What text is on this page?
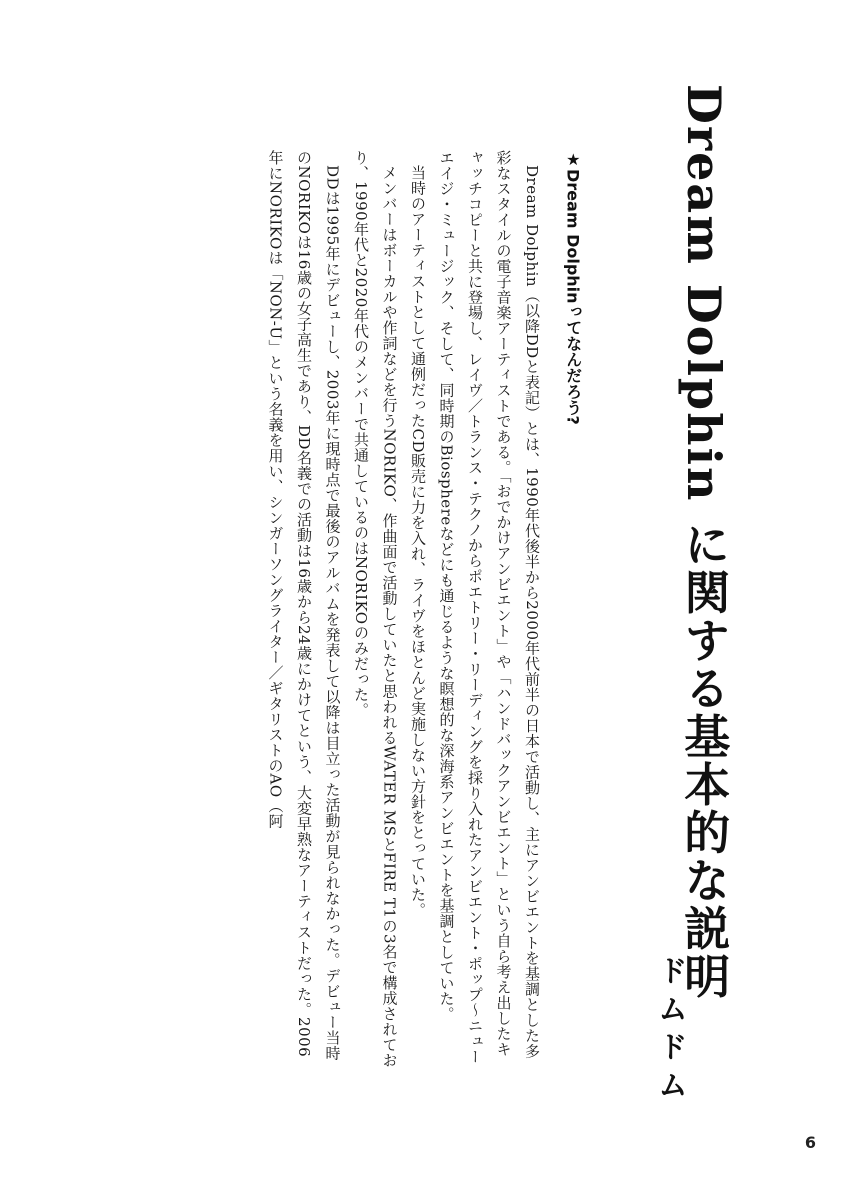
Dream Dolphin に関する基本的な説明
ドムドム
★Dream Dolphinってなんだろう?

Dream Dolphin（以降DDと表記）とは、1990年代後半から2000年代前半の日本で活動し、主にアンビエントを基調とした多彩なスタイルの電子音楽アーティストである。「おでかけアンビエント」や「ハンドバックアンビエント」という自ら考え出したキャッチコピーと共に登場し、レイヴ／トランス・テクノからポエトリー・リーディングを採り入れたアンビエント・ポップ～ニューエイジ・ミュージック、そして、同時期のBiosphereなどにも通じるような瞑想的な深海系アンビエントを基調としていた。

当時のアーティストとして通例だったCD販売に力を入れ、ライヴをほとんど実施しない方針をとっていた。

メンバーはボーカルや作詞などを行うNORIKO、作曲面で活動していたと思われるWATER MSとFIRE T1の3名で構成されており、1990年代と2020年代のメンバーで共通しているのはNORIKOのみだった。

DDは1995年にデビューし、2003年に現時点で最後のアルバムを発表して以降は目立った活動が見られなかった。デビュー当時のNORIKOは16歳の女子高生であり、DD名義での活動は16歳から24歳にかけてという、大変早熟なアーティストだった。2006年にNORIKOは「NON-U」という名義を用い、シンガーソングライター／ギタリストのAO（阿

6
